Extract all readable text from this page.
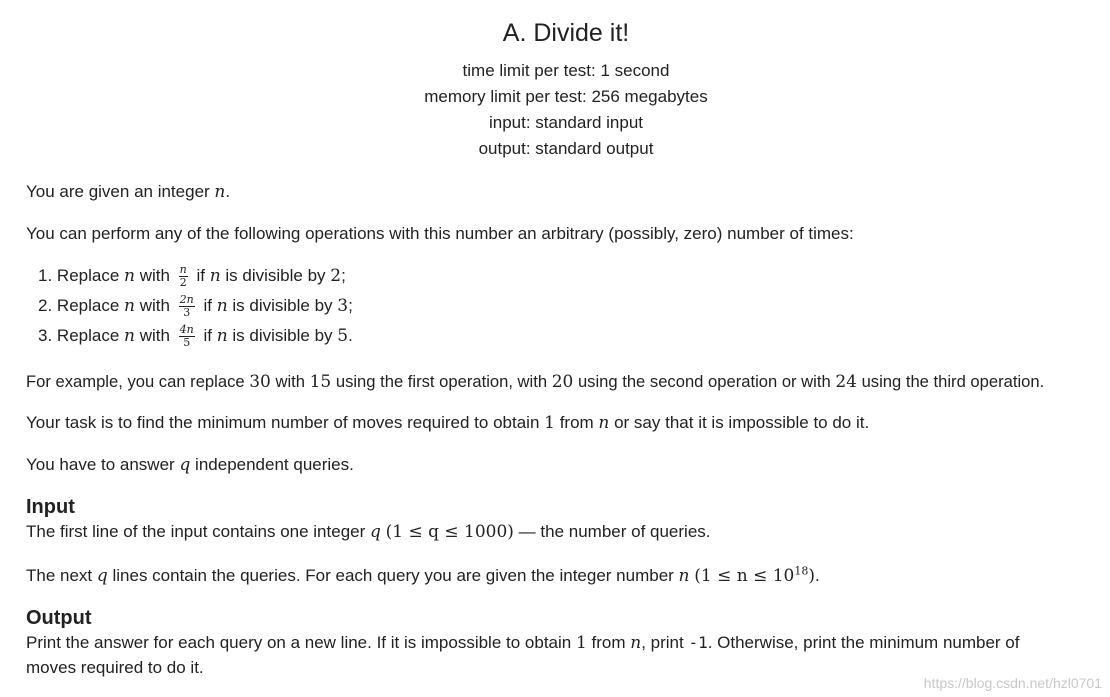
A. Divide it!
time limit per test: 1 second
memory limit per test: 256 megabytes
input: standard input
output: standard output
You are given an integer n.
You can perform any of the following operations with this number an arbitrary (possibly, zero) number of times:
1. Replace n with $\frac{n}{2}$ if n is divisible by 2;
2. Replace n with $\frac{2n}{3}$ if n is divisible by 3;
3. Replace n with $\frac{4n}{5}$ if n is divisible by 5.
For example, you can replace 30 with 15 using the first operation, with 20 using the second operation or with 24 using the third operation.
Your task is to find the minimum number of moves required to obtain 1 from n or say that it is impossible to do it.
You have to answer q independent queries.
Input
The first line of the input contains one integer q (1 ≤ q ≤ 1000) — the number of queries.
The next q lines contain the queries. For each query you are given the integer number n $(1 \le n \le 10^{18})$.
Output
Print the answer for each query on a new line. If it is impossible to obtain 1 from n, print -1. Otherwise, print the minimum number of
moves required to do it.
https://blog.csdn.net/hzl0701
